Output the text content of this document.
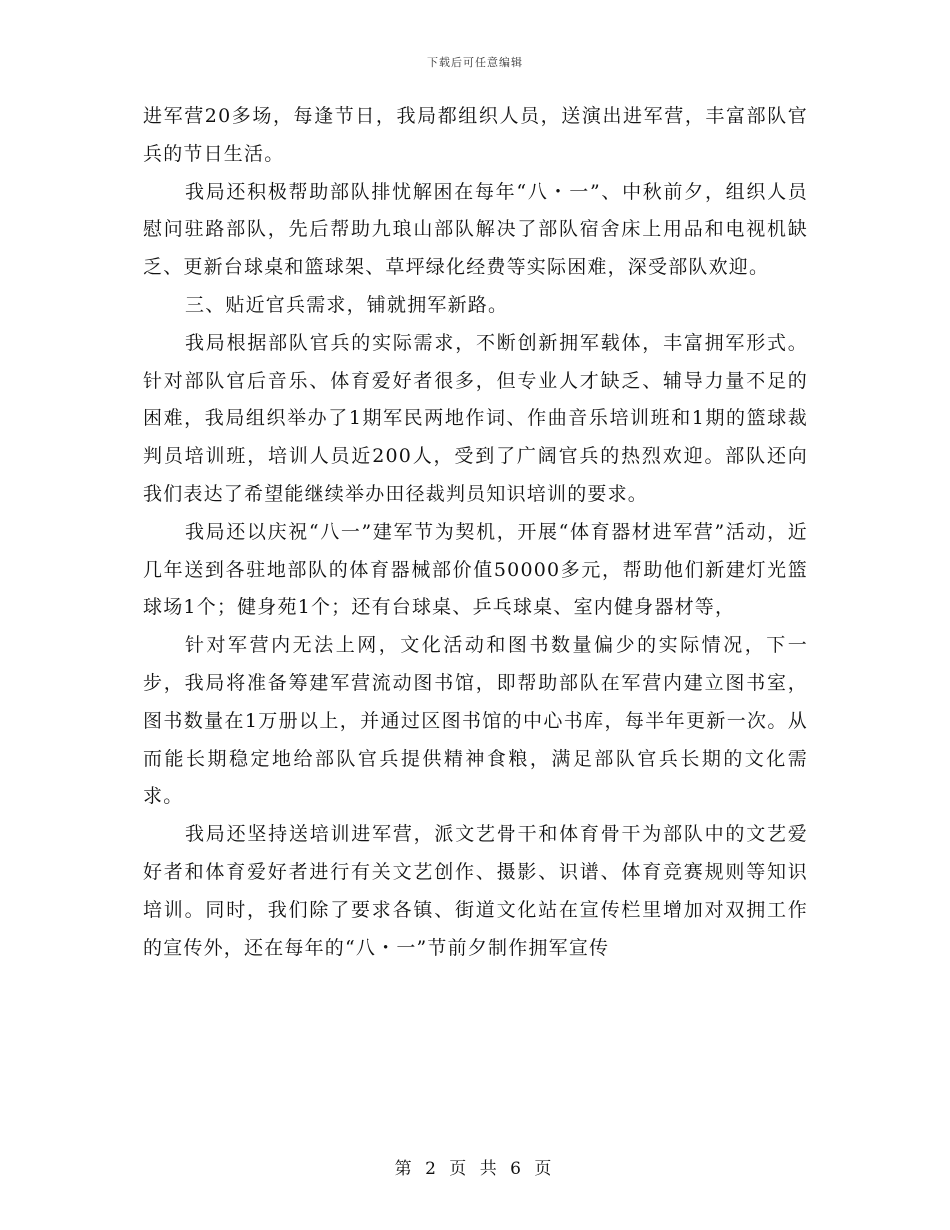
下载后可任意编辑

进军营20多场，每逢节日，我局都组织人员，送演出进军营，丰富部队官兵的节日生活。

我局还积极帮助部队排忧解困在每年“八・一”、中秋前夕，组织人员慰问驻路部队，先后帮助九琅山部队解决了部队宿舍床上用品和电视机缺乏、更新台球桌和篮球架、草坪绿化经费等实际困难，深受部队欢迎。

三、贴近官兵需求，铺就拥军新路。

我局根据部队官兵的实际需求，不断创新拥军载体，丰富拥军形式。针对部队官后音乐、体育爱好者很多，但专业人才缺乏、辅导力量不足的困难，我局组织举办了1期军民两地作词、作曲音乐培训班和1期的篮球裁判员培训班，培训人员近200人，受到了广阔官兵的热烈欢迎。部队还向我们表达了希望能继续举办田径裁判员知识培训的要求。

我局还以庆祝“八一”建军节为契机，开展“体育器材进军营”活动，近几年送到各驻地部队的体育器械部价值50000多元，帮助他们新建灯光篮球场1个；健身苑1个；还有台球桌、乒乓球桌、室内健身器材等，

针对军营内无法上网，文化活动和图书数量偏少的实际情况，下一步，我局将准备筹建军营流动图书馆，即帮助部队在军营内建立图书室，图书数量在1万册以上，并通过区图书馆的中心书库，每半年更新一次。从而能长期稳定地给部队官兵提供精神食粮，满足部队官兵长期的文化需求。

我局还坚持送培训进军营，派文艺骨干和体育骨干为部队中的文艺爱好者和体育爱好者进行有关文艺创作、摄影、识谱、体育竞赛规则等知识培训。同时，我们除了要求各镇、街道文化站在宣传栏里增加对双拥工作的宣传外，还在每年的“八・一”节前夕制作拥军宣传

第 2 页 共 6 页
